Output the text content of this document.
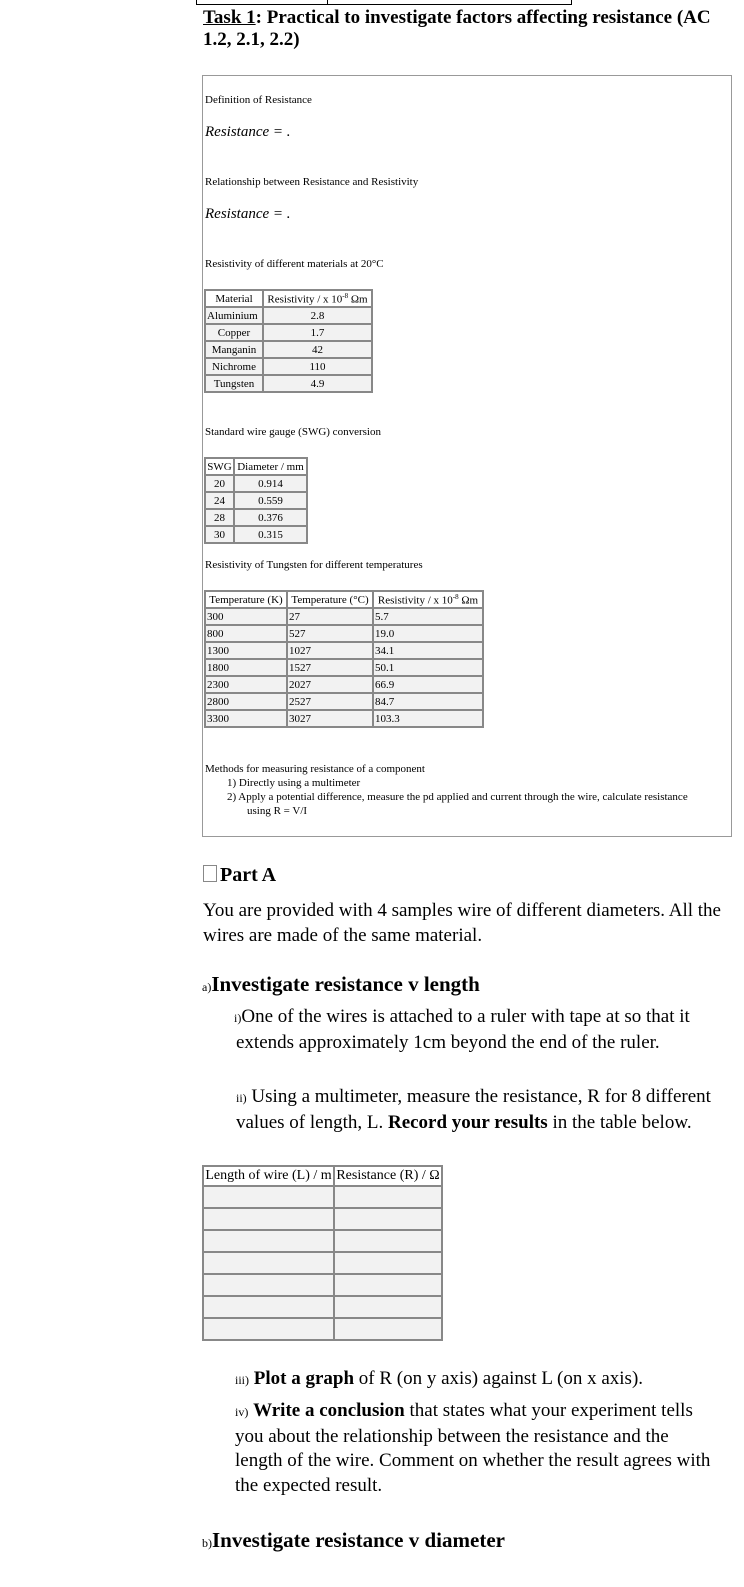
Task 1: Practical to investigate factors affecting resistance (AC 1.2, 2.1, 2.2)
Definition of Resistance
Resistance = .
Relationship between Resistance and Resistivity
Resistance = .
Resistivity of different materials at 20°C
Material	Resistivity / x $10^{-8}$ Ωm
Aluminium	2.8
Copper	1.7
Manganin	42
Nichrome	110
Tungsten	4.9
Standard wire gauge (SWG) conversion
SWG	Diameter / mm
20	0.914
24	0.559
28	0.376
30	0.315
Resistivity of Tungsten for different temperatures
Temperature (K)	Temperature (°C)	Resistivity / x $10^{-8}$ Ωm
300	27	5.7
800	527	19.0
1300	1027	34.1
1800	1527	50.1
2300	2027	66.9
2800	2527	84.7
3300	3027	103.3
Methods for measuring resistance of a component
1) Directly using a multimeter
2) Apply a potential difference, measure the pd applied and current through the wire, calculate resistance
using R = V/I
Part A
You are provided with 4 samples wire of different diameters. All the wires are made of the same material.
a)Investigate resistance v length
i)One of the wires is attached to a ruler with tape at so that it extends approximately 1cm beyond the end of the ruler.
ii) Using a multimeter, measure the resistance, R for 8 different values of length, L. Record your results in the table below.
Length of wire (L) / m	Resistance (R) / Ω

iii) Plot a graph of R (on y axis) against L (on x axis).
iv) Write a conclusion that states what your experiment tells you about the relationship between the resistance and the length of the wire. Comment on whether the result agrees with the expected result.
b)Investigate resistance v diameter
